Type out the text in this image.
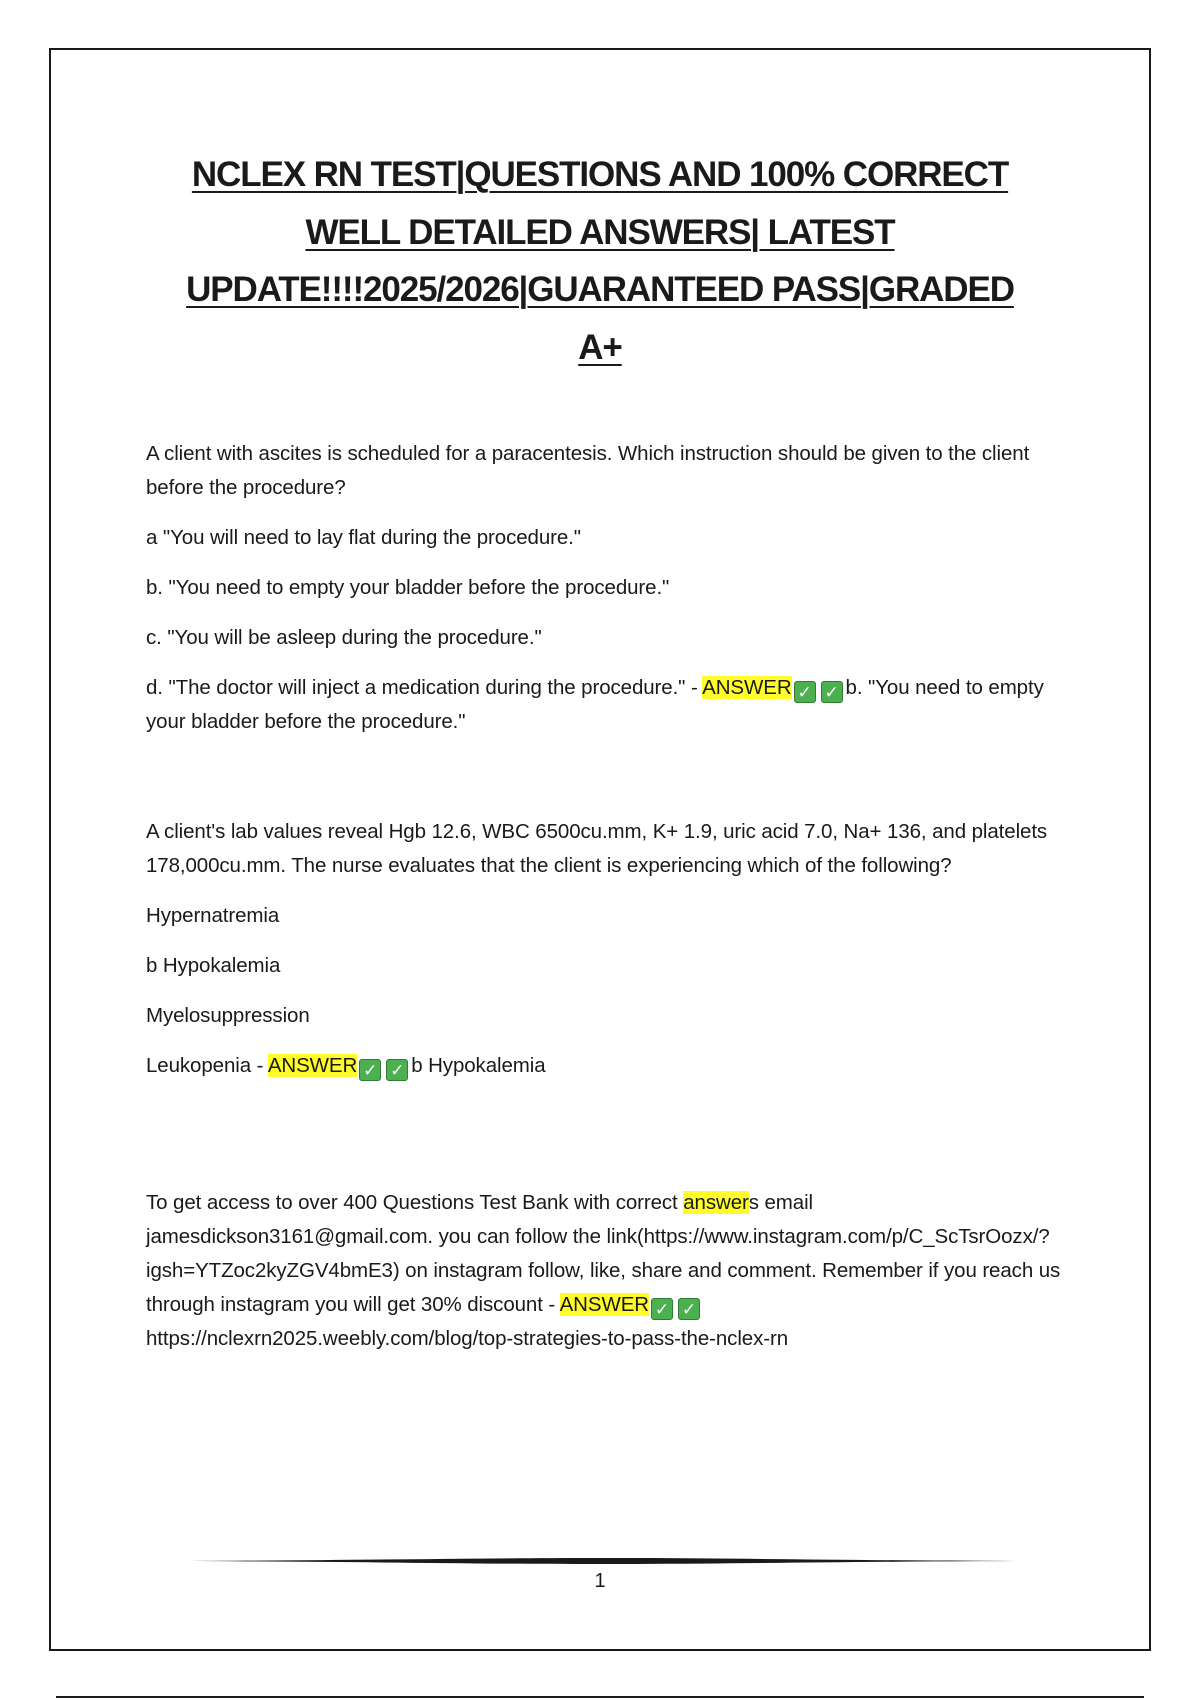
NCLEX RN TEST|QUESTIONS AND 100% CORRECT
WELL DETAILED ANSWERS| LATEST
UPDATE!!!!2025/2026|GUARANTEED PASS|GRADED
A+

A client with ascites is scheduled for a paracentesis. Which instruction should be given to the client before the procedure?

a "You will need to lay flat during the procedure."

b. "You need to empty your bladder before the procedure."

c. "You will be asleep during the procedure."

d. "The doctor will inject a medication during the procedure." - ANSWER ✓ ✓ b. "You need to empty your bladder before the procedure."

A client's lab values reveal Hgb 12.6, WBC 6500cu.mm, K+ 1.9, uric acid 7.0, Na+ 136, and platelets 178,000cu.mm. The nurse evaluates that the client is experiencing which of the following?

Hypernatremia

b Hypokalemia

Myelosuppression

Leukopenia - ANSWER ✓ ✓ b Hypokalemia

To get access to over 400 Questions Test Bank with correct answers email jamesdickson3161@gmail.com. you can follow the link(https://www.instagram.com/p/C_ScTsrOozx/?igsh=YTZoc2kyZGV4bmE3) on instagram follow, like, share and comment. Remember if you reach us through instagram you will get 30% discount - ANSWER ✓ ✓https://nclexrn2025.weebly.com/blog/top-strategies-to-pass-the-nclex-rn

1
